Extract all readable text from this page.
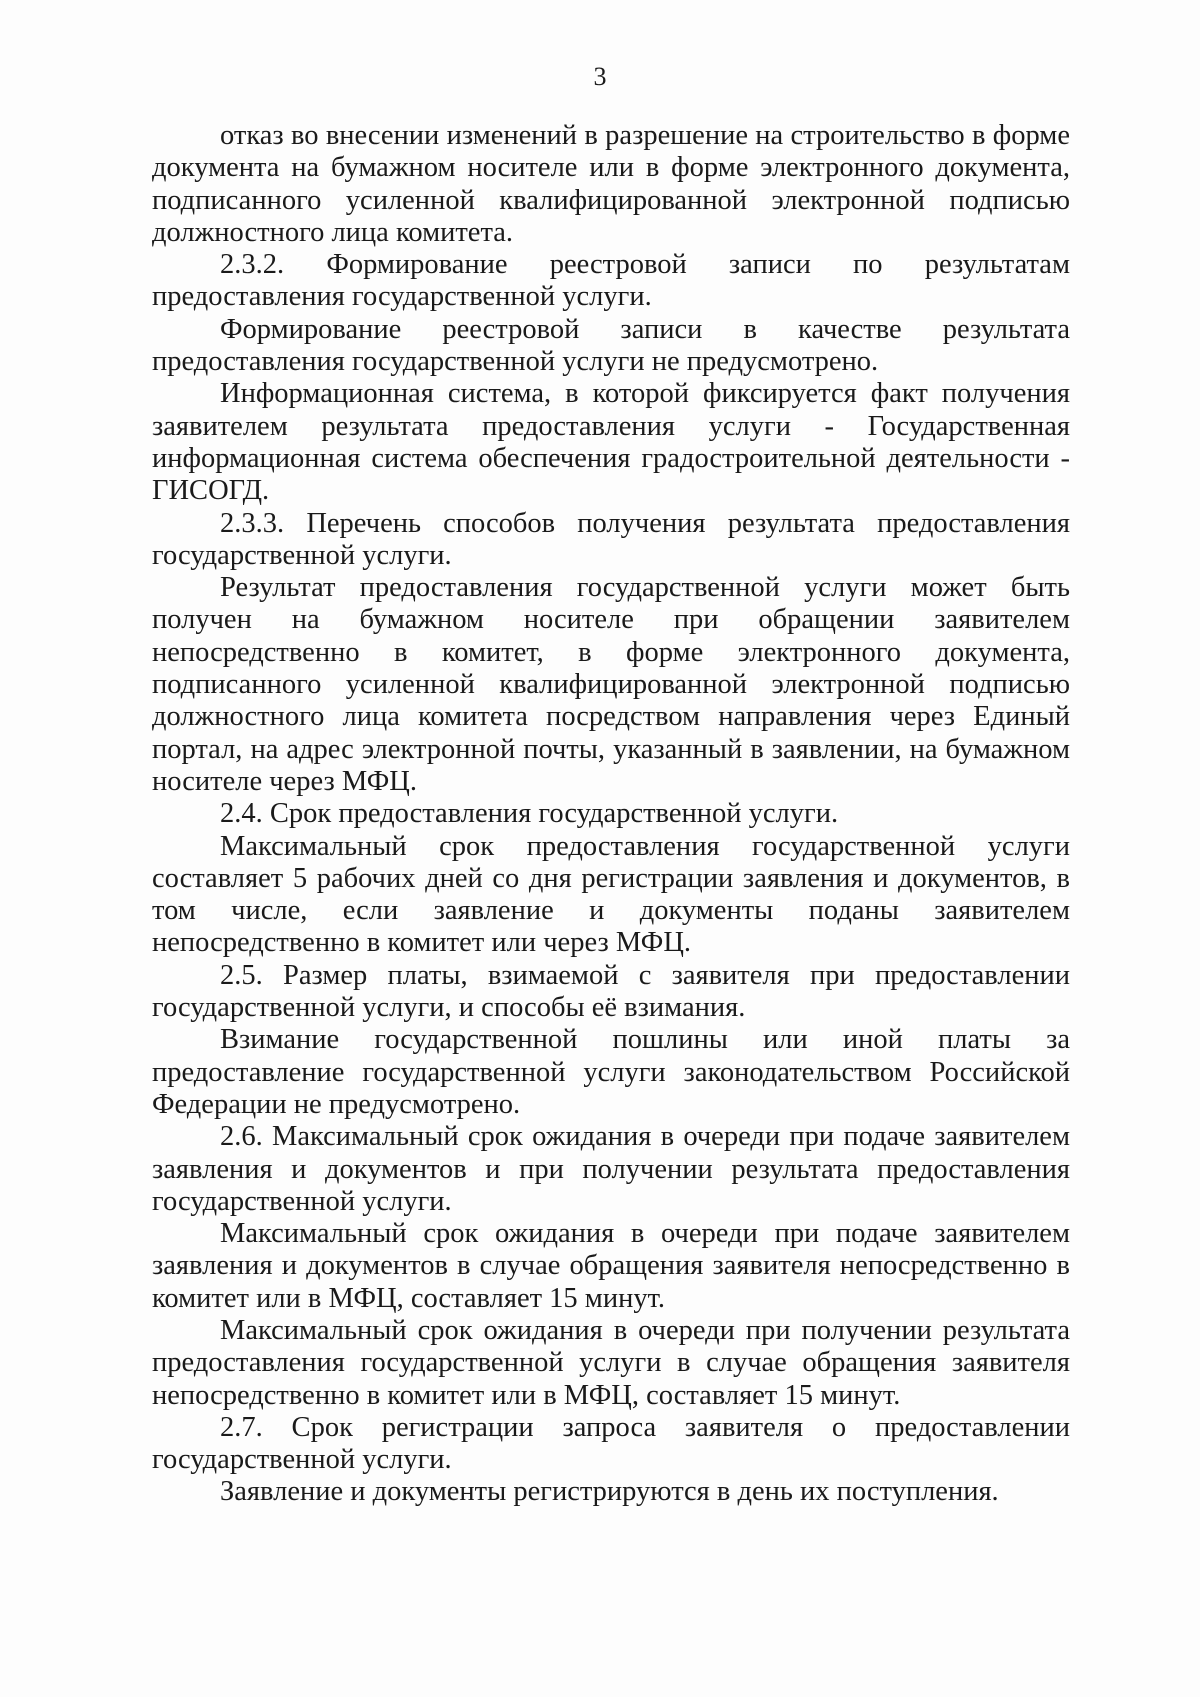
3

отказ во внесении изменений в разрешение на строительство в форме документа на бумажном носителе или в форме электронного документа, подписанного усиленной квалифицированной электронной подписью должностного лица комитета.

2.3.2. Формирование реестровой записи по результатам предоставления государственной услуги.

Формирование реестровой записи в качестве результата предоставления государственной услуги не предусмотрено.

Информационная система, в которой фиксируется факт получения заявителем результата предоставления услуги - Государственная информационная система обеспечения градостроительной деятельности - ГИСОГД.

2.3.3. Перечень способов получения результата предоставления государственной услуги.

Результат предоставления государственной услуги может быть получен на бумажном носителе при обращении заявителем непосредственно в комитет, в форме электронного документа, подписанного усиленной квалифицированной электронной подписью должностного лица комитета посредством направления через Единый портал, на адрес электронной почты, указанный в заявлении, на бумажном носителе через МФЦ.

2.4. Срок предоставления государственной услуги.

Максимальный срок предоставления государственной услуги составляет 5 рабочих дней со дня регистрации заявления и документов, в том числе, если заявление и документы поданы заявителем непосредственно в комитет или через МФЦ.

2.5. Размер платы, взимаемой с заявителя при предоставлении государственной услуги, и способы её взимания.

Взимание государственной пошлины или иной платы за предоставление государственной услуги законодательством Российской Федерации не предусмотрено.

2.6. Максимальный срок ожидания в очереди при подаче заявителем заявления и документов и при получении результата предоставления государственной услуги.

Максимальный срок ожидания в очереди при подаче заявителем заявления и документов в случае обращения заявителя непосредственно в комитет или в МФЦ, составляет 15 минут.

Максимальный срок ожидания в очереди при получении результата предоставления государственной услуги в случае обращения заявителя непосредственно в комитет или в МФЦ, составляет 15 минут.

2.7. Срок регистрации запроса заявителя о предоставлении государственной услуги.

Заявление и документы регистрируются в день их поступления.
